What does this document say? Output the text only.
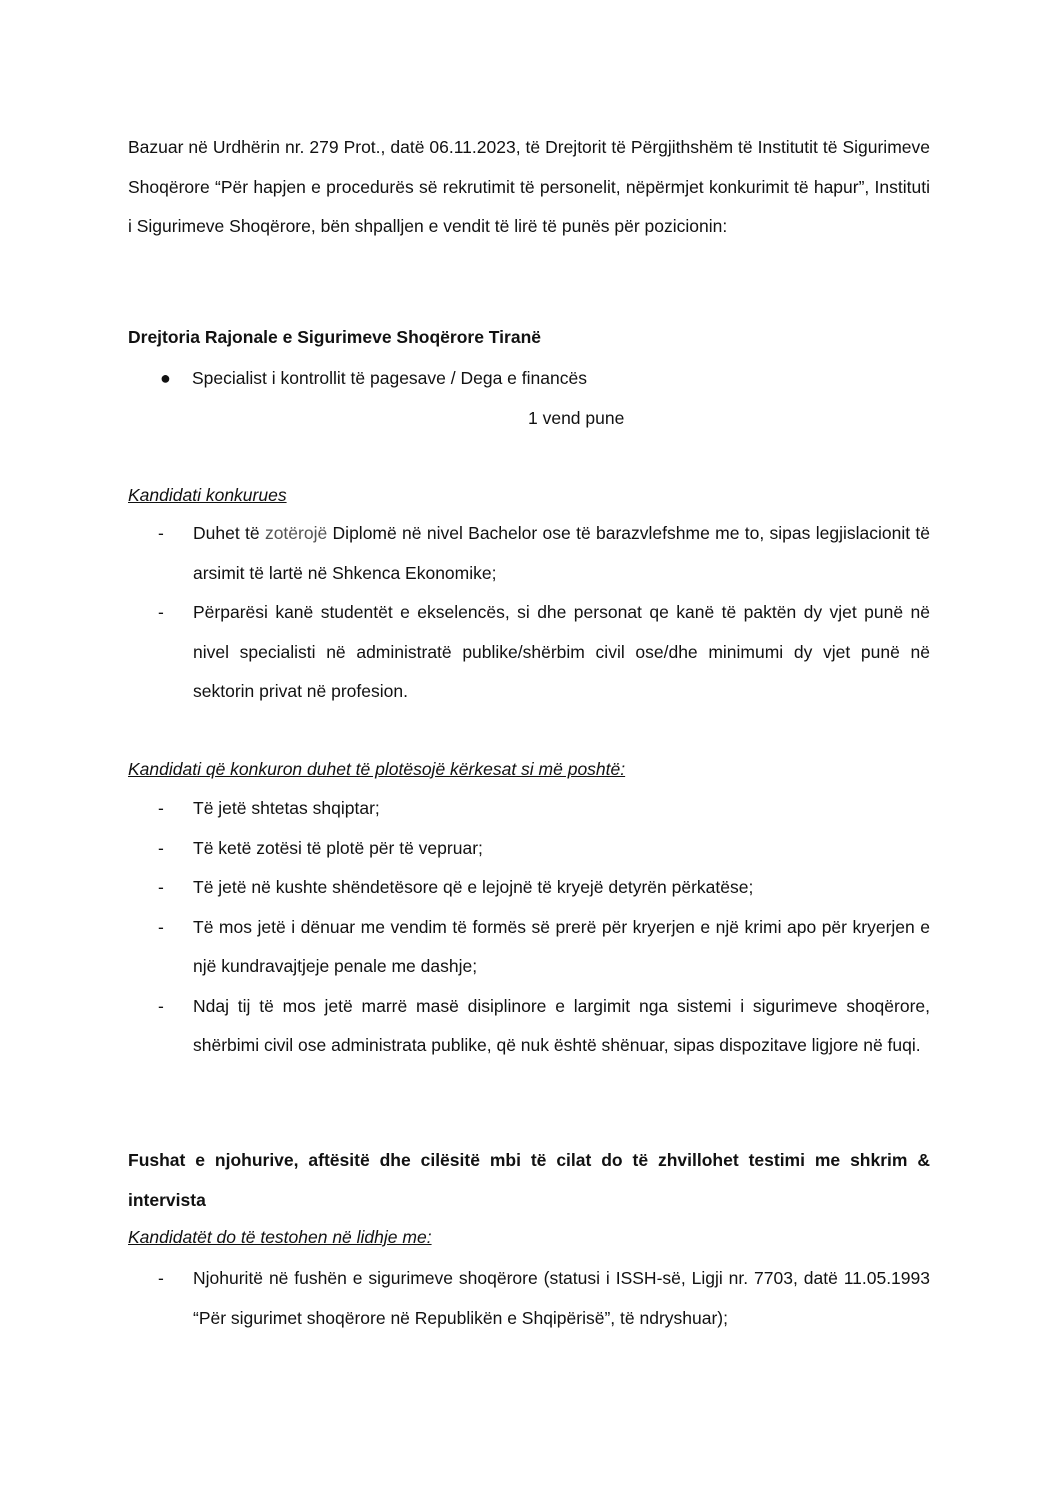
Bazuar në Urdhërin nr. 279 Prot., datë 06.11.2023, të Drejtorit të Përgjithshëm të Institutit të Sigurimeve Shoqërore “Për hapjen e procedurës së rekrutimit të personelit, nëpërmjet konkurimit të hapur”, Instituti i Sigurimeve Shoqërore, bën shpalljen e vendit të lirë të punës për pozicionin:

Drejtoria Rajonale e Sigurimeve Shoqërore Tiranë

● Specialist i kontrollit të pagesave / Dega e financës

1 vend pune

Kandidati konkurues

-	Duhet të zotërojë Diplomë në nivel Bachelor ose të barazvlefshme me to, sipas legjislacionit të arsimit të lartë në Shkenca Ekonomike;
-	Përparësi kanë studentët e ekselencës, si dhe personat qe kanë të paktën dy vjet punë në nivel specialisti në administratë publike/shërbim civil ose/dhe minimumi dy vjet punë në sektorin privat në profesion.

Kandidati që konkuron duhet të plotësojë kërkesat si më poshtë:

-	Të jetë shtetas shqiptar;
-	Të ketë zotësi të plotë për të vepruar;
-	Të jetë në kushte shëndetësore që e lejojnë të kryejë detyrën përkatëse;
-	Të mos jetë i dënuar me vendim të formës së prerë për kryerjen e një krimi apo për kryerjen e një kundravajtjeje penale me dashje;
-	Ndaj tij të mos jetë marrë masë disiplinore e largimit nga sistemi i sigurimeve shoqërore, shërbimi civil ose administrata publike, që nuk është shënuar, sipas dispozitave ligjore në fuqi.

Fushat e njohurive, aftësitë dhe cilësitë mbi të cilat do të zhvillohet testimi me shkrim & intervista

Kandidatët do të testohen në lidhje me:

-	Njohuritë në fushën e sigurimeve shoqërore (statusi i ISSH-së, Ligji nr. 7703, datë 11.05.1993 “Për sigurimet shoqërore në Republikën e Shqipërisë”, të ndryshuar);
